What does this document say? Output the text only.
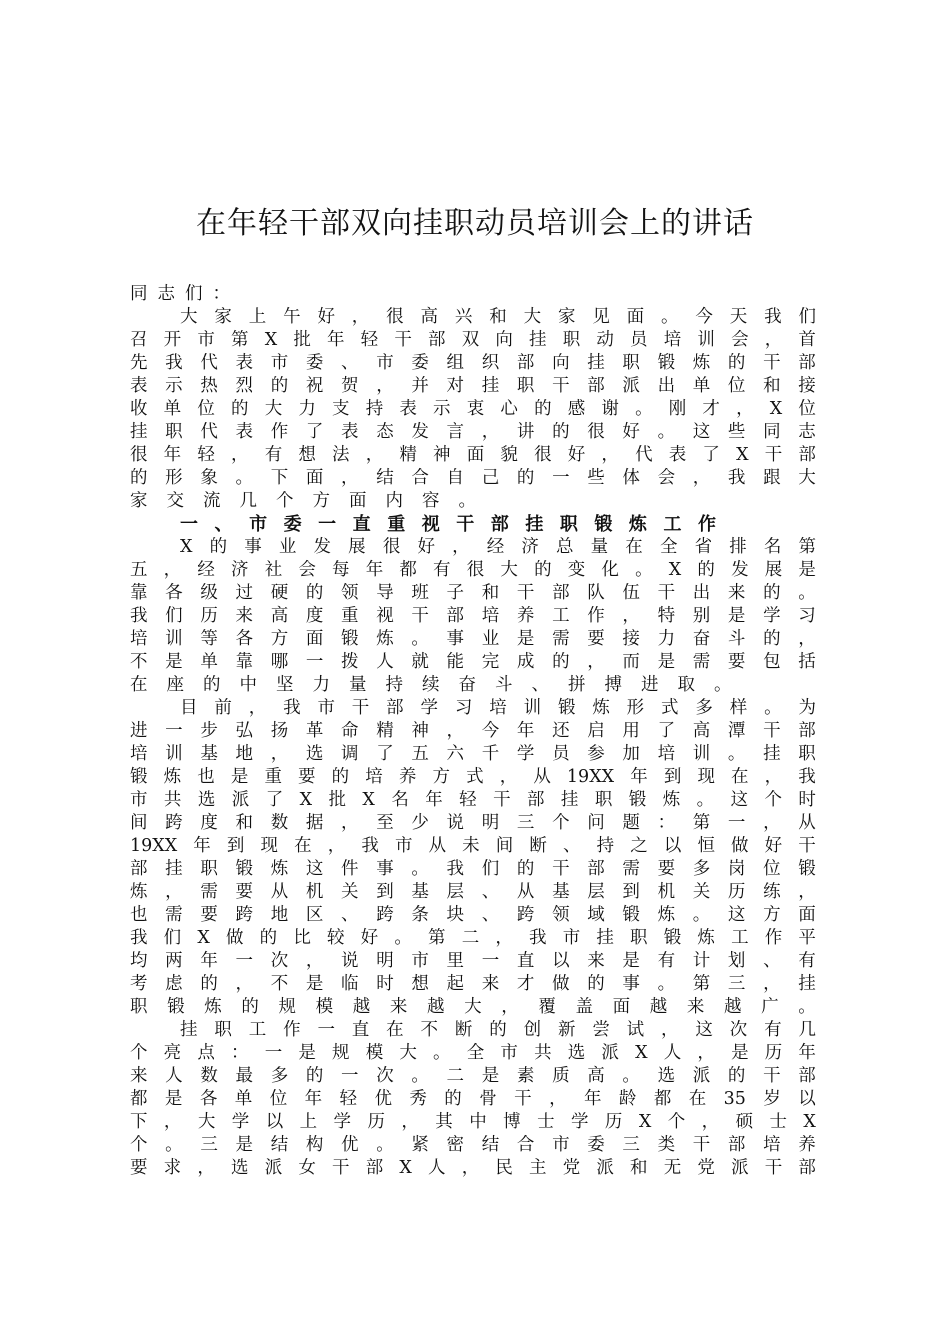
在年轻干部双向挂职动员培训会上的讲话
同 志 们 ：
大 家 上 午 好 ， 很 高 兴 和 大 家 见 面 。 今 天 我 们
召 开 市 第 X 批 年 轻 干 部 双 向 挂 职 动 员 培 训 会 ， 首
先 我 代 表 市 委 、 市 委 组 织 部 向 挂 职 锻 炼 的 干 部
表 示 热 烈 的 祝 贺 ， 并 对 挂 职 干 部 派 出 单 位 和 接
收 单 位 的 大 力 支 持 表 示 衷 心 的 感 谢 。 刚 才 ， X 位
挂 职 代 表 作 了 表 态 发 言 ， 讲 的 很 好 。 这 些 同 志
很 年 轻 ， 有 想 法 ， 精 神 面 貌 很 好 ， 代 表 了 X 干 部
的 形 象 。 下 面 ， 结 合 自 己 的 一 些 体 会 ， 我 跟 大
家 交 流 几 个 方 面 内 容 。
一 、 市 委 一 直 重 视 干 部 挂 职 锻 炼 工 作
X 的 事 业 发 展 很 好 ， 经 济 总 量 在 全 省 排 名 第
五 ， 经 济 社 会 每 年 都 有 很 大 的 变 化 。 X 的 发 展 是
靠 各 级 过 硬 的 领 导 班 子 和 干 部 队 伍 干 出 来 的 。
我 们 历 来 高 度 重 视 干 部 培 养 工 作 ， 特 别 是 学 习
培 训 等 各 方 面 锻 炼 。 事 业 是 需 要 接 力 奋 斗 的 ，
不 是 单 靠 哪 一 拨 人 就 能 完 成 的 ， 而 是 需 要 包 括
在 座 的 中 坚 力 量 持 续 奋 斗 、 拼 搏 进 取 。
目 前 ， 我 市 干 部 学 习 培 训 锻 炼 形 式 多 样 。 为
进 一 步 弘 扬 革 命 精 神 ， 今 年 还 启 用 了 高 潭 干 部
培 训 基 地 ， 选 调 了 五 六 千 学 员 参 加 培 训 。 挂 职
锻 炼 也 是 重 要 的 培 养 方 式 ， 从 19XX 年 到 现 在 ， 我
市 共 选 派 了 X 批 X 名 年 轻 干 部 挂 职 锻 炼 。 这 个 时
间 跨 度 和 数 据 ， 至 少 说 明 三 个 问 题 ： 第 一 ， 从
19XX 年 到 现 在 ， 我 市 从 未 间 断 、 持 之 以 恒 做 好 干
部 挂 职 锻 炼 这 件 事 。 我 们 的 干 部 需 要 多 岗 位 锻
炼 ， 需 要 从 机 关 到 基 层 、 从 基 层 到 机 关 历 练 ，
也 需 要 跨 地 区 、 跨 条 块 、 跨 领 域 锻 炼 。 这 方 面
我 们 X 做 的 比 较 好 。 第 二 ， 我 市 挂 职 锻 炼 工 作 平
均 两 年 一 次 ， 说 明 市 里 一 直 以 来 是 有 计 划 、 有
考 虑 的 ， 不 是 临 时 想 起 来 才 做 的 事 。 第 三 ， 挂
职 锻 炼 的 规 模 越 来 越 大 ， 覆 盖 面 越 来 越 广 。
挂 职 工 作 一 直 在 不 断 的 创 新 尝 试 ， 这 次 有 几
个 亮 点 ： 一 是 规 模 大 。 全 市 共 选 派 X 人 ， 是 历 年
来 人 数 最 多 的 一 次 。 二 是 素 质 高 。 选 派 的 干 部
都 是 各 单 位 年 轻 优 秀 的 骨 干 ， 年 龄 都 在 35 岁 以
下 ， 大 学 以 上 学 历 ， 其 中 博 士 学 历 X 个 ， 硕 士 X
个 。 三 是 结 构 优 。 紧 密 结 合 市 委 三 类 干 部 培 养
要 求 ， 选 派 女 干 部 X 人 ， 民 主 党 派 和 无 党 派 干 部
